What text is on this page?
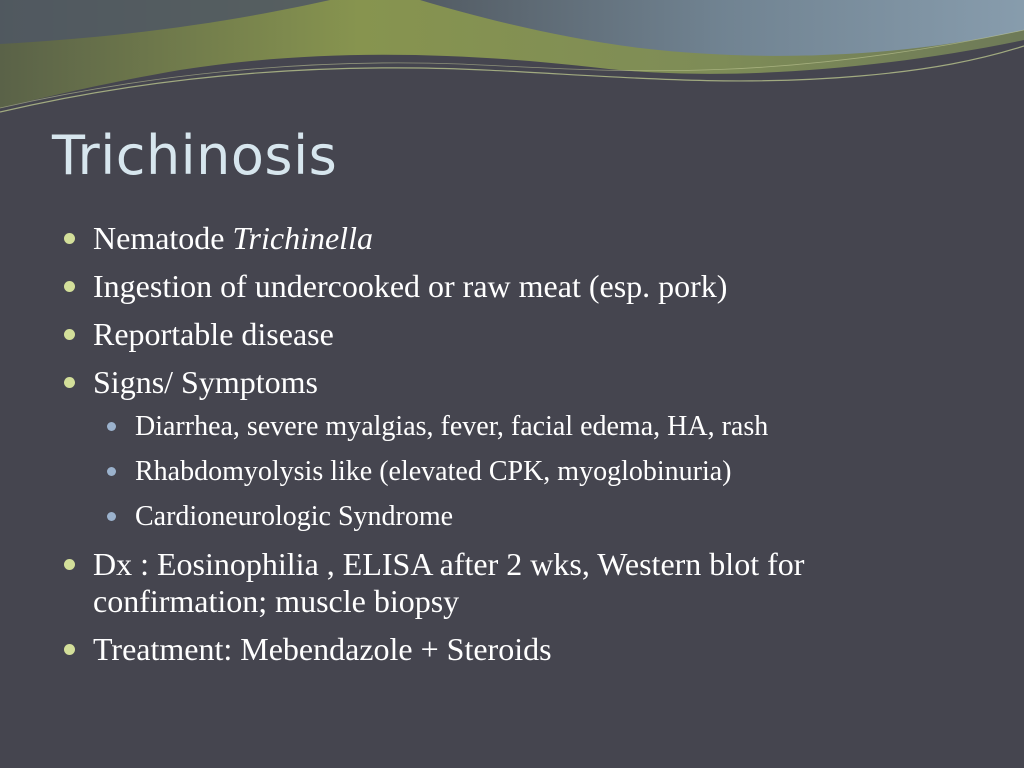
Trichinosis
Nematode Trichinella
Ingestion of undercooked or raw meat (esp. pork)
Reportable disease
Signs/ Symptoms
Diarrhea, severe myalgias, fever, facial edema, HA, rash
Rhabdomyolysis like (elevated CPK, myoglobinuria)
Cardioneurologic Syndrome
Dx : Eosinophilia , ELISA after 2 wks, Western blot for confirmation; muscle biopsy
Treatment: Mebendazole + Steroids
